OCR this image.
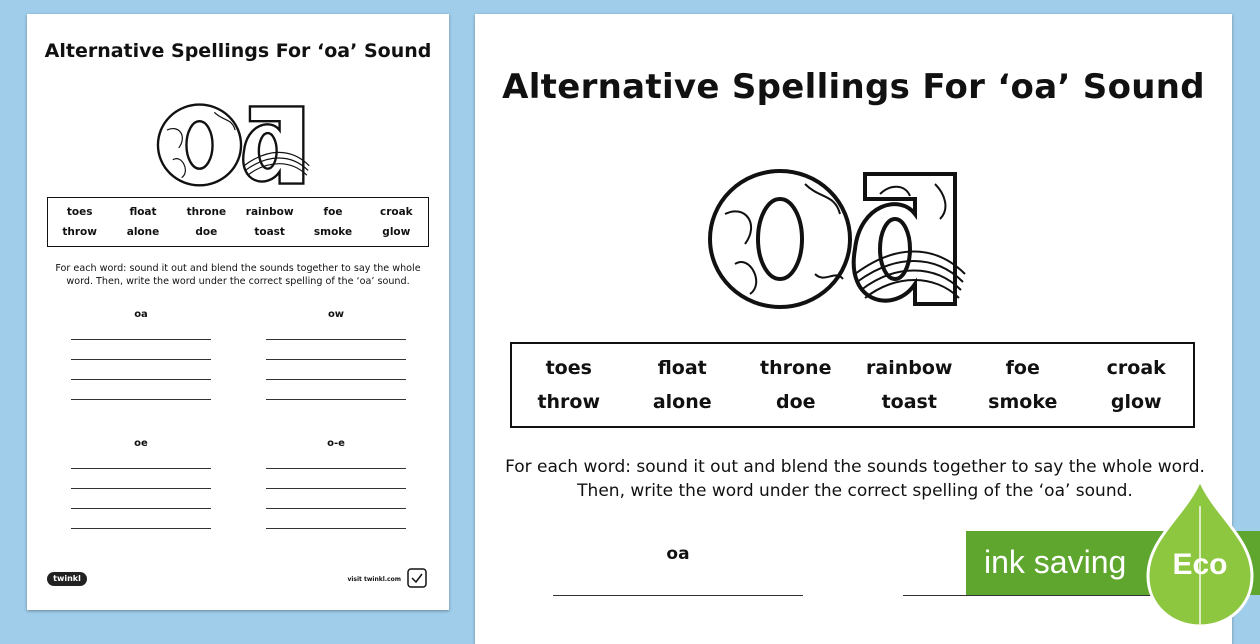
Alternative Spellings For ‘oa’ Sound
toes	float	throne	rainbow	foe	croak
throw	alone	doe	toast	smoke	glow
For each word: sound it out and blend the sounds together to say the whole word. Then, write the word under the correct spelling of the ‘oa’ sound.
oa	ow
oe	o-e
twinkl	visit twinkl.com
Alternative Spellings For ‘oa’ Sound
toes	float	throne	rainbow	foe	croak
throw	alone	doe	toast	smoke	glow
For each word: sound it out and blend the sounds together to say the whole word. Then, write the word under the correct spelling of the ‘oa’ sound.
oa	ink saving Eco
